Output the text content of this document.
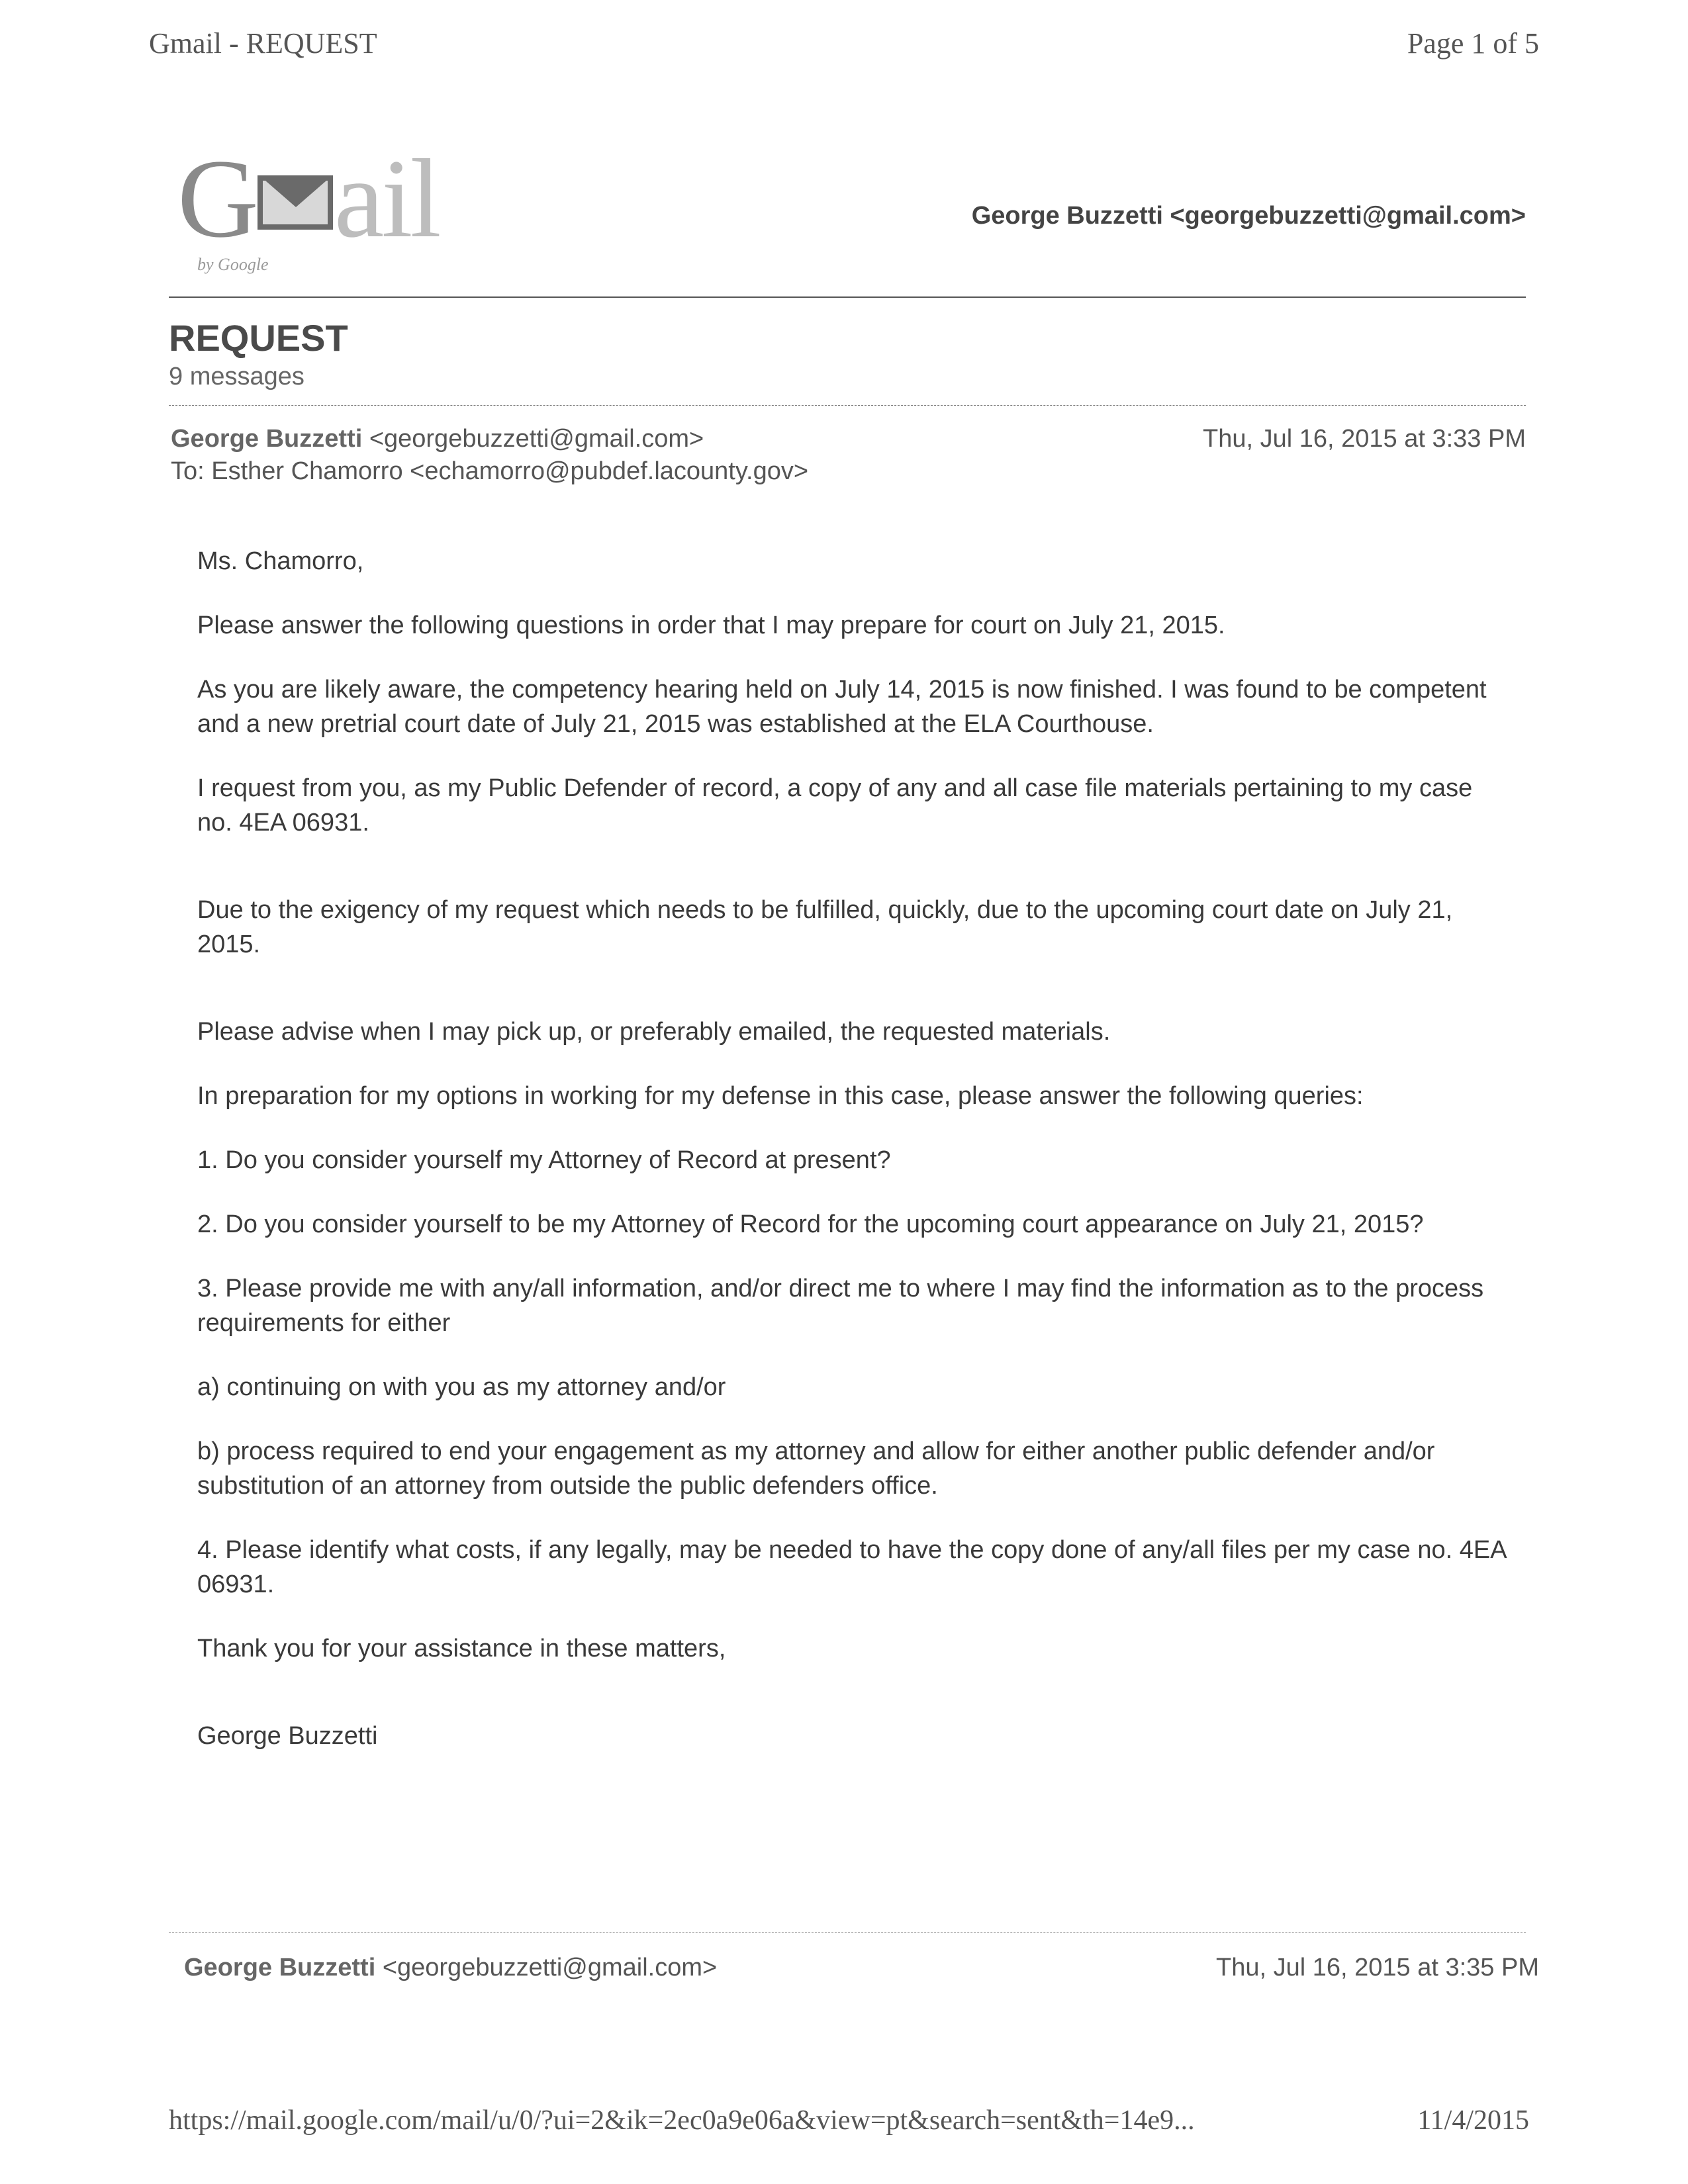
Gmail - REQUEST	Page 1 of 5
G ail
by Google
George Buzzetti <georgebuzzetti@gmail.com>
REQUEST
9 messages
George Buzzetti <georgebuzzetti@gmail.com>
To: Esther Chamorro <echamorro@pubdef.lacounty.gov>
Thu, Jul 16, 2015 at 3:33 PM

Ms. Chamorro,

Please answer the following questions in order that I may prepare for court on July 21, 2015.

As you are likely aware, the competency hearing held on July 14, 2015 is now finished. I was found to be competent and a new pretrial court date of July 21, 2015 was established at the ELA Courthouse.

I request from you, as my Public Defender of record, a copy of any and all case file materials pertaining to my case no. 4EA 06931.

Due to the exigency of my request which needs to be fulfilled, quickly, due to the upcoming court date on July 21, 2015.

Please advise when I may pick up, or preferably emailed, the requested materials.

In preparation for my options in working for my defense in this case, please answer the following queries:

1. Do you consider yourself my Attorney of Record at present?

2. Do you consider yourself to be my Attorney of Record for the upcoming court appearance on July 21, 2015?

3. Please provide me with any/all information, and/or direct me to where I may find the information as to the process requirements for either

a) continuing on with you as my attorney and/or

b) process required to end your engagement as my attorney and allow for either another public defender and/or substitution of an attorney from outside the public defenders office.

4. Please identify what costs, if any legally, may be needed to have the copy done of any/all files per my case no. 4EA 06931.

Thank you for your assistance in these matters,

George Buzzetti

George Buzzetti <georgebuzzetti@gmail.com>	Thu, Jul 16, 2015 at 3:35 PM
https://mail.google.com/mail/u/0/?ui=2&ik=2ec0a9e06a&view=pt&search=sent&th=14e9...	11/4/2015
